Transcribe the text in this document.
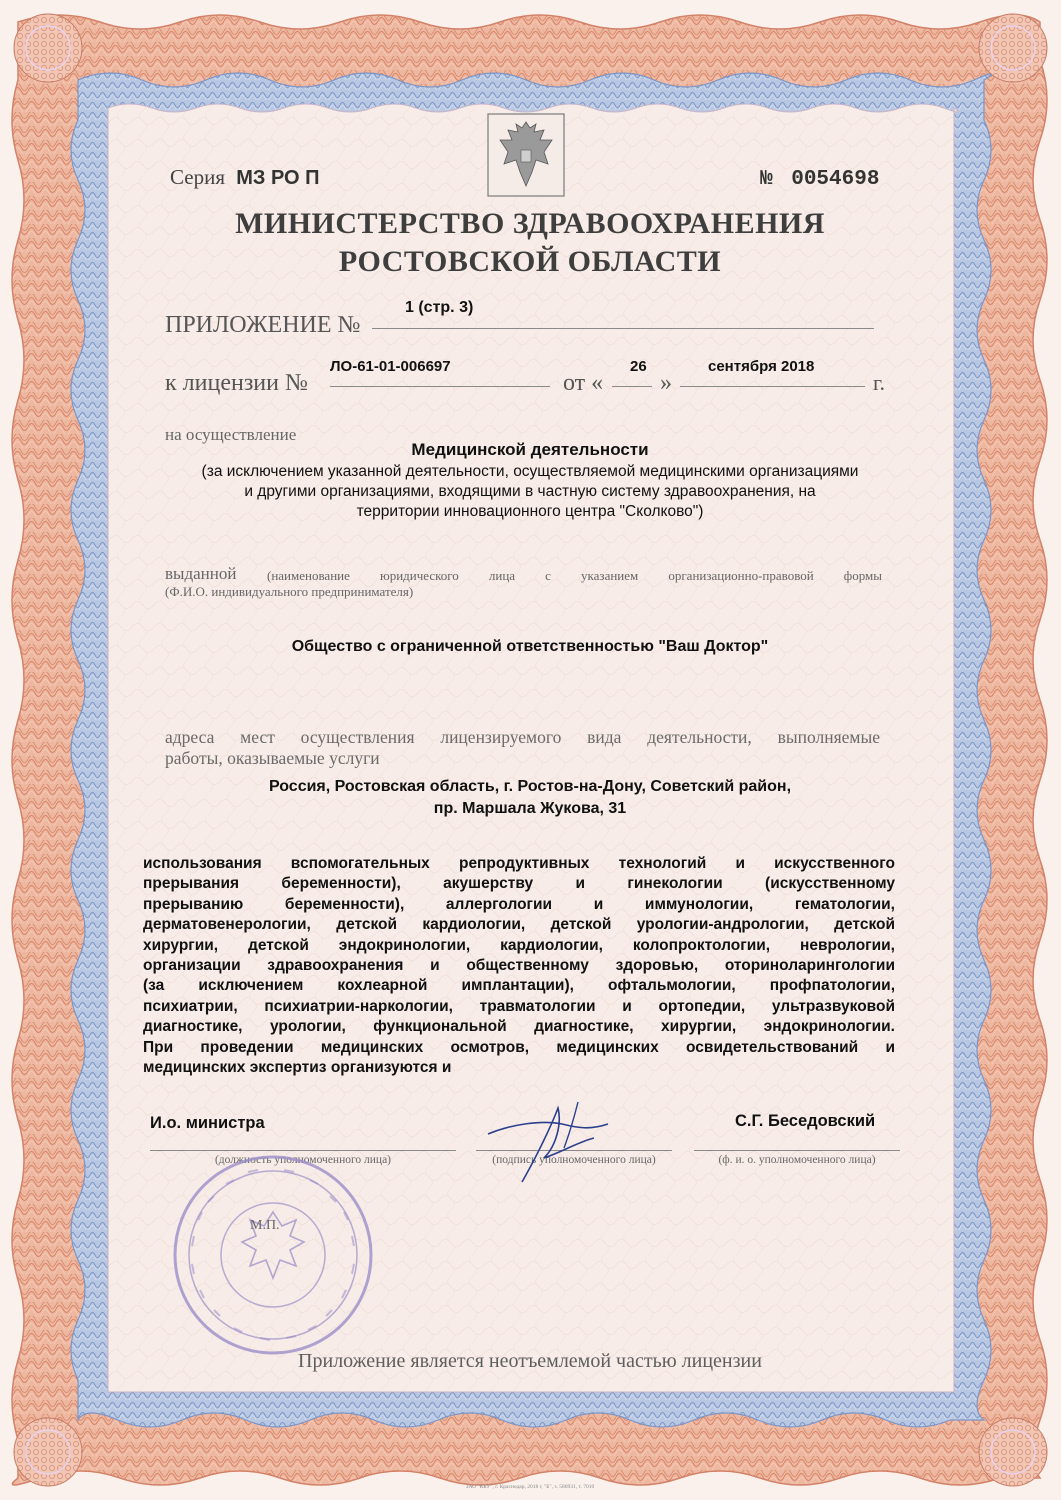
Серия МЗ РО П	№ 0054698
МИНИСТЕРСТВО ЗДРАВООХРАНЕНИЯ
РОСТОВСКОЙ ОБЛАСТИ
ПРИЛОЖЕНИЕ №
1 (стр. 3)
к лицензии №
ЛО-61-01-006697
от «
26
»
сентября 2018
г.
на осуществление
Медицинской деятельности
(за исключением указанной деятельности, осуществляемой медицинскими организациями
и другими организациями, входящими в частную систему здравоохранения, на
территории инновационного центра "Сколково")
выданной (наименование юридического лица с указанием организационно-правовой формы
(Ф.И.О. индивидуального предпринимателя)
Общество с ограниченной ответственностью "Ваш Доктор"
адреса мест осуществления лицензируемого вида деятельности, выполняемые
работы, оказываемые услуги
Россия, Ростовская область, г. Ростов-на-Дону, Советский район,
пр. Маршала Жукова, 31
использования вспомогательных репродуктивных технологий и искусственного
прерывания беременности), акушерству и гинекологии (искусственному
прерыванию беременности), аллергологии и иммунологии, гематологии,
дерматовенерологии, детской кардиологии, детской урологии-андрологии, детской
хирургии, детской эндокринологии, кардиологии, колопроктологии, неврологии,
организации здравоохранения и общественному здоровью, оториноларингологии
(за исключением кохлеарной имплантации), офтальмологии, профпатологии,
психиатрии, психиатрии-наркологии, травматологии и ортопедии, ультразвуковой
диагностике, урологии, функциональной диагностике, хирургии, эндокринологии.
При проведении медицинских осмотров, медицинских освидетельствований и
медицинских экспертиз организуются и
И.о. министра	С.Г. Беседовский
(должность уполномоченного лица)	(подпись уполномоченного лица)	(ф. и. о. уполномоченного лица)
М.П.
Приложение является неотъемлемой частью лицензии
ЗАО "КБУ", г. Краснодар, 2018 г, "Б", з. 586931, т. 7010
